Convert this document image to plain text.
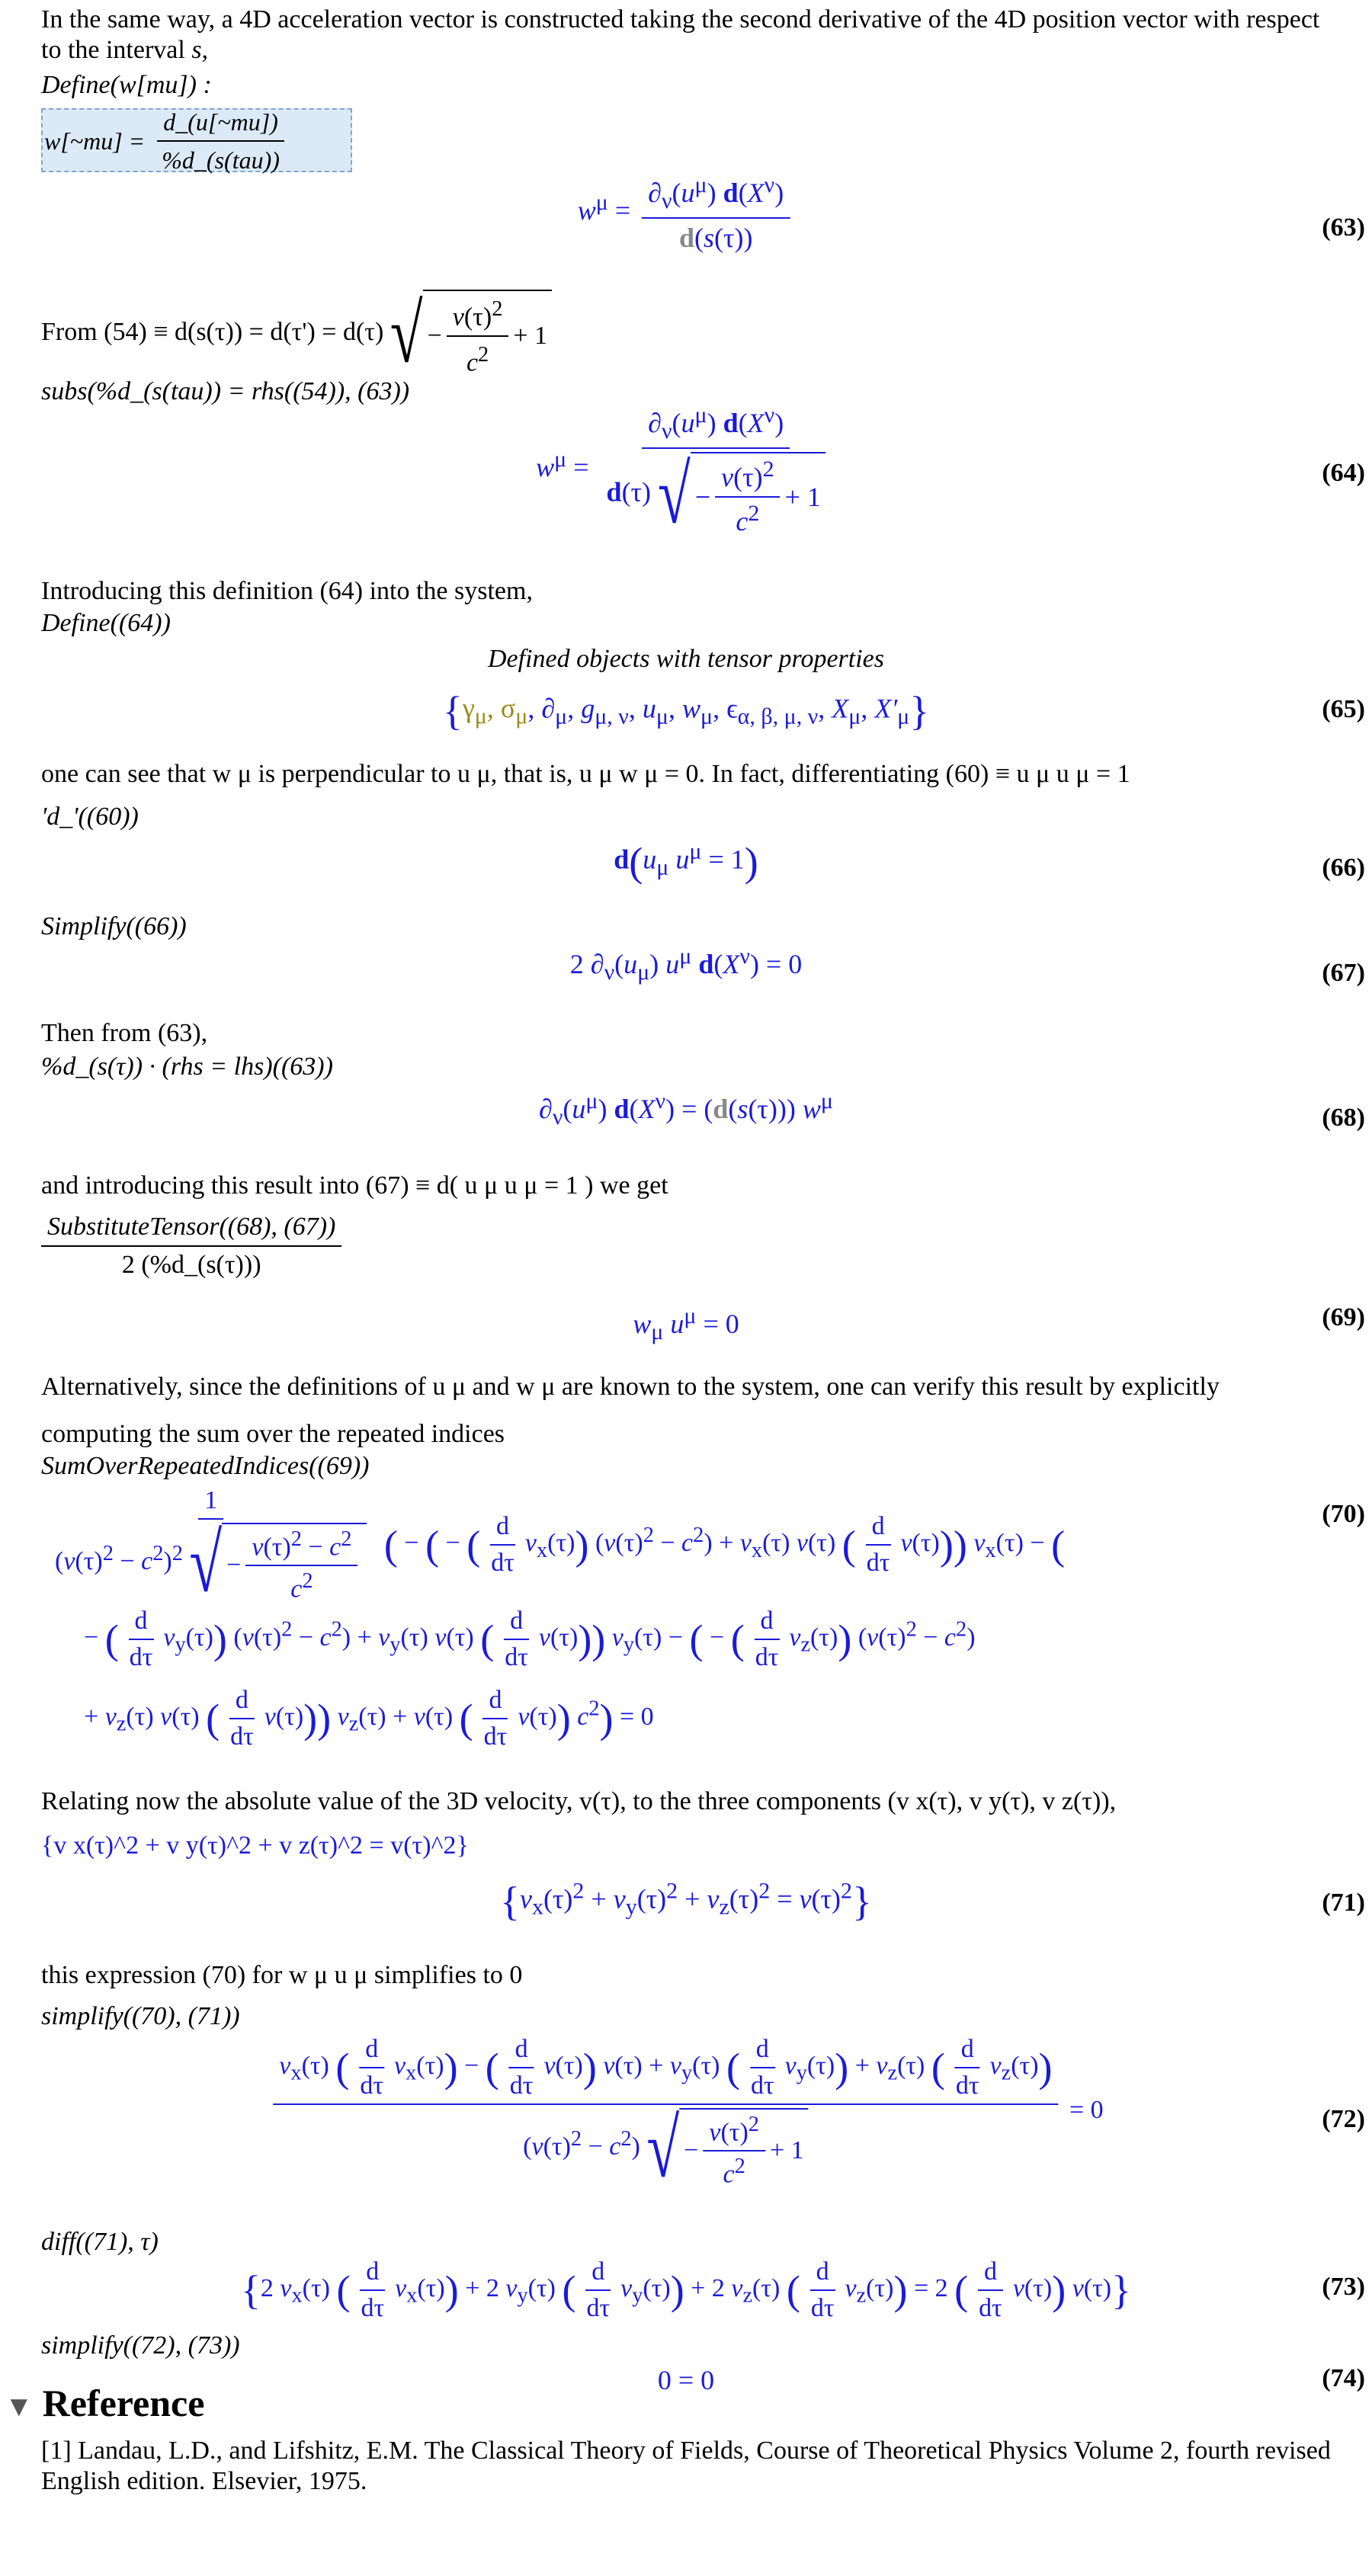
In the same way, a 4D acceleration vector is constructed taking the second derivative of the 4D position vector with respect to the interval s,
Define(w[mu]) :
w[~mu] = $\frac{d\_(u[\sim mu])}{\text{\%d\_(s(tau))}}$
$w^\mu = \frac{\partial_\nu(u^\mu) d(X^\nu)}{d(s(\tau))}$	(63)
From (54) ≡ d(s(τ)) = d(τ') = d(τ) √ − $\frac{v(\tau)^2}{c^2} + 1$
subs(%d_(s(tau)) = rhs((54)), (63))
$w^\mu = \frac{\partial_\nu(u^\mu) d(X^\nu)}{d(\tau) √ - \frac{v(\tau)^2}{c^2} + 1}$	(64)
Introducing this definition (64) into the system,
Define((64))
Defined objects with tensor properties
{$\gamma_\mu$, $\sigma_\mu$, $\partial_\mu$, $g_{\mu, \nu}$, $u_\mu$, $w_\mu$, $\epsilon_{\alpha, \beta, \mu, \nu}$, $X_\mu$, $X'_\mu$}	(65)
one can see that w μ is perpendicular to u μ, that is, u μ w μ = 0. In fact, differentiating (60) ≡ u μ u μ = 1
'd_'((60))
$d(u_\mu$ $u^\mu = 1$)	(66)
Simplify((66))
2 $\partial_\nu(u_\mu)$ $u^\mu$ $d(X^\nu) = 0$	(67)
Then from (63),
%d_(s(τ)) · (rhs = lhs)((63))
$\partial_\nu(u^\mu) d(X^\nu) = (d(s(\tau)))$ $w^\mu$
(68)
and introducing this result into (67) ≡ d( u μ u μ = 1 ) we get
$\frac{\text{SubstituteTensor((68), (67))}}{2 (\%d\_(s(\tau)))}$
$w_\mu$ $u^\mu = 0$	(69)
Alternatively, since the definitions of u μ and w μ are known to the system, one can verify this result by explicitly
computing the sum over the repeated indices
SumOverRepeatedIndices((69))
$\frac{1}{(v(\tau)^2 - c^2)^2 √ - \frac{v(\tau)^2 - c^2}{c^2}}$ ( − ( − ( $\frac{d}{d\tau} v_x(\tau)$) $(v(\tau)^2 - c^2) + v_x(\tau)$ v(τ) ( $\frac{d}{d\tau} v(\tau)$)) $v_x(\tau)$ − (
(70)
− ( $\frac{d}{d\tau} v_y(\tau)$) $(v(\tau)^2 - c^2) + v_y(\tau)$ v(τ) ( $\frac{d}{d\tau} v(\tau)$)) $v_y(\tau)$ − ( − ( $\frac{d}{d\tau} v_z(\tau)$) $(v(\tau)^2 - c^2)$
+ $v_z(\tau)$ v(τ) ( $\frac{d}{d\tau} v(\tau)$)) $v_z(\tau) + v(\tau)$ ( $\frac{d}{d\tau} v(\tau)$) $c^2) = 0$
Relating now the absolute value of the 3D velocity, v(τ), to the three components (v x(τ), v y(τ), v z(τ)),
{v x(τ)^2 + v y(τ)^2 + v z(τ)^2 = v(τ)^2}
$\{v_x(\tau)^2 + v_y(\tau)^2 + v_z(\tau)^2 = v(\tau)^2\}$	(71)
this expression (70) for w μ u μ simplifies to 0
simplify((70), (71))
$v_x(\tau)$ ( $\frac{d}{d\tau} v_x(\tau)$) − ( $\frac{d}{d\tau} v(\tau)$) $v(\tau) + v_y(\tau)$ ( $\frac{d}{d\tau} v_y(\tau)) + v_z(\tau)$ ( $\frac{d}{d\tau} v_z(\tau)$)
$(v(\tau)^2 - c^2)$ √ − $\frac{v(\tau)^2}{c^2} + 1$
= 0	(72)
diff((71), τ)
{2 $v_x(\tau)$ ( $\frac{d}{d\tau} v_x(\tau)) + 2$ $v_y(\tau)$ ( $\frac{d}{d\tau} v_y(\tau)) + 2$ $v_z(\tau)$ ( $\frac{d}{d\tau} v_z(\tau)) = 2$ ( $\frac{d}{d\tau} v(\tau)$) v(τ)}	(73)
simplify((72), (73))
0 = 0	(74)
▼ Reference
[1] Landau, L.D., and Lifshitz, E.M. The Classical Theory of Fields, Course of Theoretical Physics Volume 2, fourth revised English edition. Elsevier, 1975.
